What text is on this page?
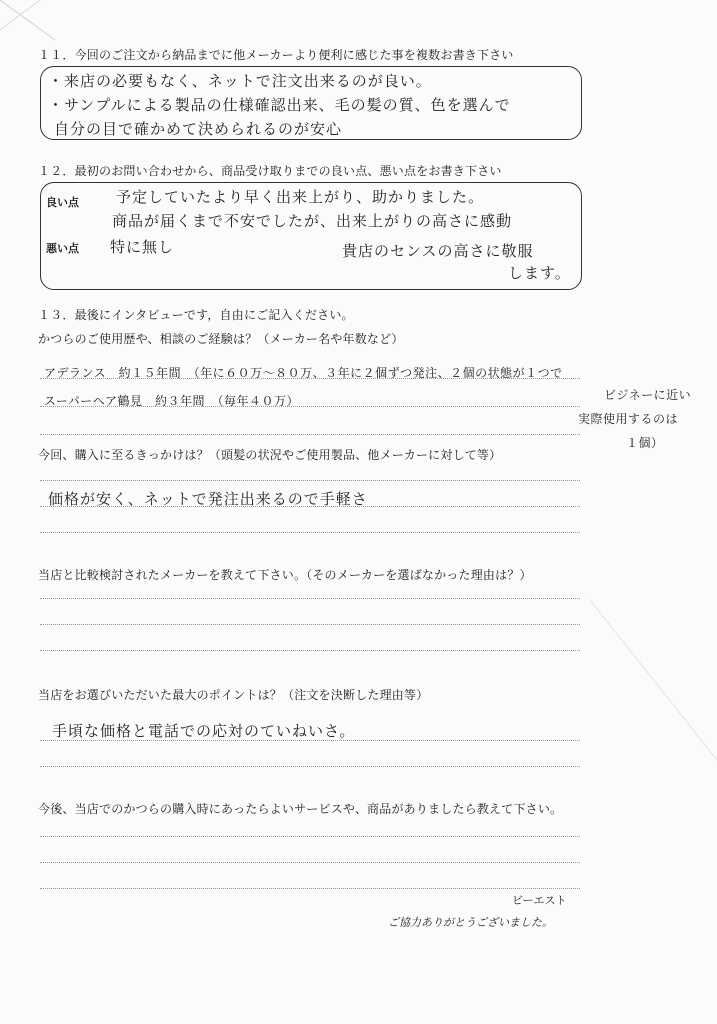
１１．今回のご注文から納品までに他メーカーより便利に感じた事を複数お書き下さい
・来店の必要もなく、ネットで注文出来るのが良い。
・サンプルによる製品の仕様確認出来、毛の髪の質、色を選んで
自分の目で確かめて決められるのが安心
１２．最初のお問い合わせから、商品受け取りまでの良い点、悪い点をお書き下さい
良い点
悪い点
予定していたより早く出来上がり、助かりました。
商品が届くまで不安でしたが、出来上がりの高さに感動
特に無し	貴店のセンスの高さに敬服
します。
１３．最後にインタビューです，自由にご記入ください。
かつらのご使用歴や、相談のご経験は？（メーカー名や年数など）
アデランス　約１５年間　（年に６０万～８０万、３年に２個ずつ発注、２個の状態が１つで
スーパーヘア鶴見　約３年間　（毎年４０万）	ビジネーに近い
実際使用するのは
１個）
今回、購入に至るきっかけは？（頭髪の状況やご使用製品、他メーカーに対して等）
価格が安く、ネットで発注出来るので手軽さ
当店と比較検討されたメーカーを教えて下さい。（そのメーカーを選ばなかった理由は？）
当店をお選びいただいた最大のポイントは？（注文を決断した理由等）
手頃な価格と電話での応対のていねいさ。
今後、当店でのかつらの購入時にあったらよいサービスや、商品がありましたら教えて下さい。
ビーエスト
ご協力ありがとうございました。
